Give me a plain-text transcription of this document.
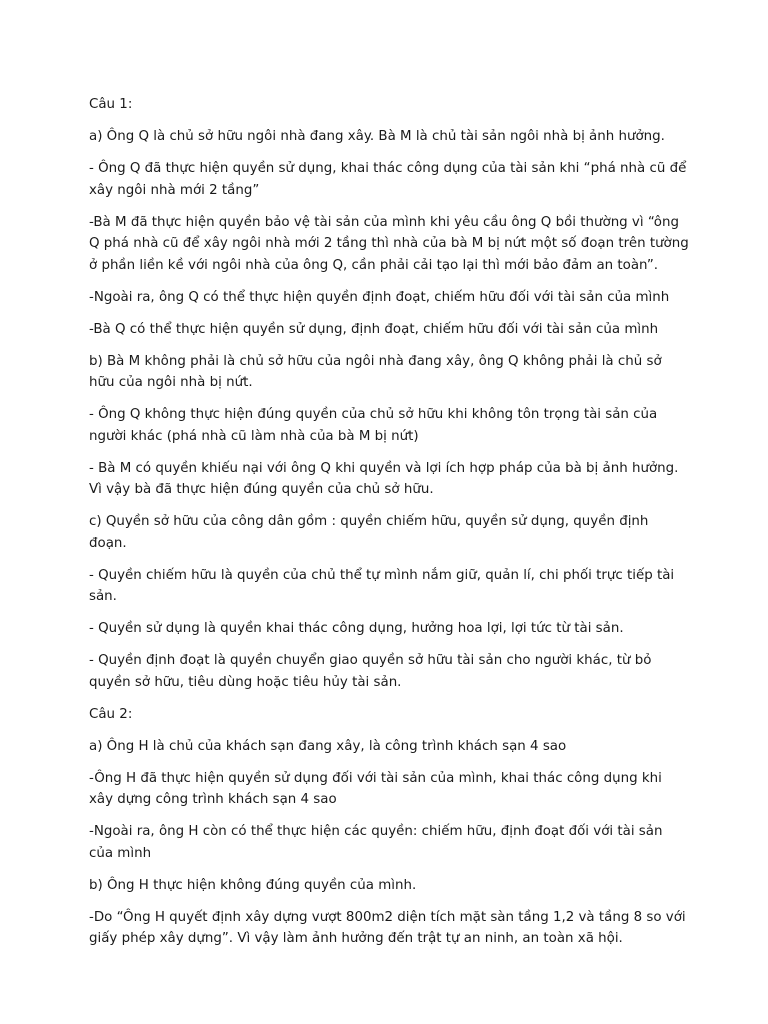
Câu 1:

a) Ông Q là chủ sở hữu ngôi nhà đang xây. Bà M là chủ tài sản ngôi nhà bị ảnh hưởng.

- Ông Q đã thực hiện quyền sử dụng, khai thác công dụng của tài sản khi “phá nhà cũ để xây ngôi nhà mới 2 tầng”

-Bà M đã thực hiện quyền bảo vệ tài sản của mình khi yêu cầu ông Q bồi thường vì “ông Q phá nhà cũ để xây ngôi nhà mới 2 tầng thì nhà của bà M bị nứt một số đoạn trên tường ở phần liền kề với ngôi nhà của ông Q, cần phải cải tạo lại thì mới bảo đảm an toàn”.

-Ngoài ra, ông Q có thể thực hiện quyền định đoạt, chiếm hữu đối với tài sản của mình

-Bà Q có thể thực hiện quyền sử dụng, định đoạt, chiếm hữu đối với tài sản của mình

b) Bà M không phải là chủ sở hữu của ngôi nhà đang xây, ông Q không phải là chủ sở hữu của ngôi nhà bị nứt.

- Ông Q không thực hiện đúng quyền của chủ sở hữu khi không tôn trọng tài sản của người khác (phá nhà cũ làm nhà của bà M bị nứt)

- Bà M có quyền khiếu nại với ông Q khi quyền và lợi ích hợp pháp của bà bị ảnh hưởng. Vì vậy bà đã thực hiện đúng quyền của chủ sở hữu.

c) Quyền sở hữu của công dân gồm : quyền chiếm hữu, quyền sử dụng, quyền định đoạn.

- Quyền chiếm hữu là quyền của chủ thể tự mình nắm giữ, quản lí, chi phối trực tiếp tài sản.

- Quyền sử dụng là quyền khai thác công dụng, hưởng hoa lợi, lợi tức từ tài sản.

- Quyền định đoạt là quyền chuyển giao quyền sở hữu tài sản cho người khác, từ bỏ quyền sở hữu, tiêu dùng hoặc tiêu hủy tài sản.

Câu 2:

a) Ông H là chủ của khách sạn đang xây, là công trình khách sạn 4 sao

-Ông H đã thực hiện quyền sử dụng đối với tài sản của mình, khai thác công dụng khi xây dựng công trình khách sạn 4 sao

-Ngoài ra, ông H còn có thể thực hiện các quyền: chiếm hữu, định đoạt đối với tài sản của mình

b) Ông H thực hiện không đúng quyền của mình.

-Do “Ông H quyết định xây dựng vượt 800m2 diện tích mặt sàn tầng 1,2 và tầng 8 so với giấy phép xây dựng”. Vì vậy làm ảnh hưởng đến trật tự an ninh, an toàn xã hội.
